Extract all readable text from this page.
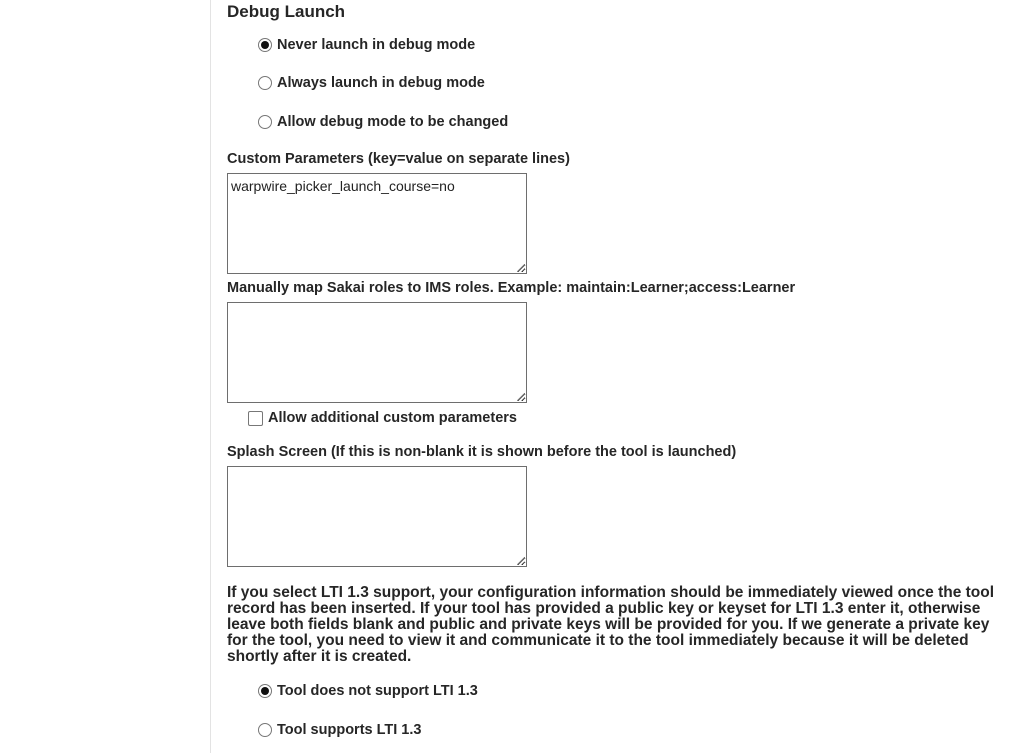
Debug Launch
Never launch in debug mode
Always launch in debug mode
Allow debug mode to be changed
Custom Parameters (key=value on separate lines)
warpwire_picker_launch_course=no
Manually map Sakai roles to IMS roles. Example: maintain:Learner;access:Learner
Allow additional custom parameters
Splash Screen (If this is non-blank it is shown before the tool is launched)
If you select LTI 1.3 support, your configuration information should be immediately viewed once the tool record has been inserted. If your tool has provided a public key or keyset for LTI 1.3 enter it, otherwise leave both fields blank and public and private keys will be provided for you. If we generate a private key for the tool, you need to view it and communicate it to the tool immediately because it will be deleted shortly after it is created.
Tool does not support LTI 1.3
Tool supports LTI 1.3
